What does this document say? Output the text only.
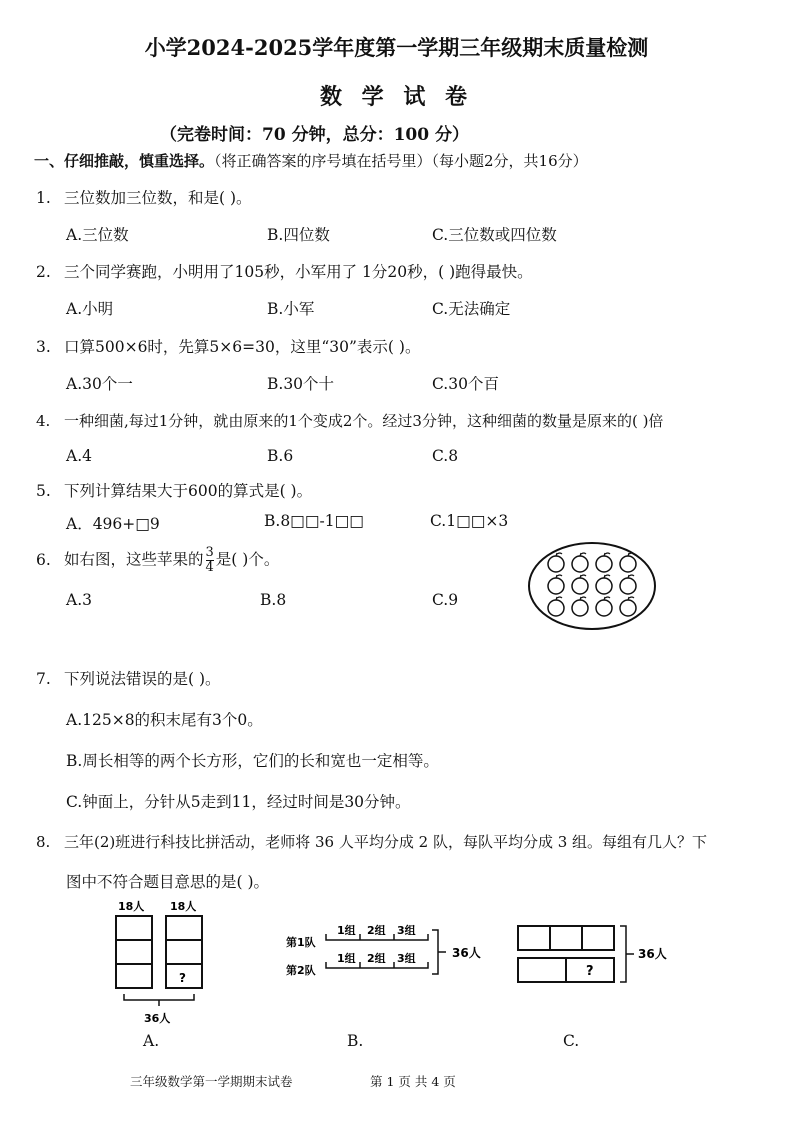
小学2024-2025学年度第一学期三年级期末质量检测
数 学 试 卷
（完卷时间：70 分钟，总分：100 分）
一、仔细推敲，慎重选择。（将正确答案的序号填在括号里）（每小题2分，共16分）
1. 三位数加三位数，和是( )。
A.三位数	B.四位数	C.三位数或四位数
2. 三个同学赛跑，小明用了105秒，小军用了 1分20秒，( )跑得最快。
A.小明	B.小军	C.无法确定
3. 口算500×6时，先算5×6=30，这里“30”表示( )。
A.30个一	B.30个十	C.30个百
4. 一种细菌,每过1分钟，就由原来的1个变成2个。经过3分钟，这种细菌的数量是原来的( )倍
A.4	B.6	C.8
5. 下列计算结果大于600的算式是( )。
A．496+□9	B.8□□-1□□	C.1□□×3
6. 如右图，这些苹果的 $\frac{3}{4}$ 是( )个。
A.3	B.8	C.9
7. 下列说法错误的是( )。
A.125×8的积末尾有3个0。
B.周长相等的两个长方形，它们的长和宽也一定相等。
C.钟面上，分针从5走到11，经过时间是30分钟。
8. 三年(2)班进行科技比拼活动，老师将 36 人平均分成 2 队，每队平均分成 3 组。每组有几人？下
图中不符合题目意思的是( )。
18人 18人
?
36人
A.
第1队
第2队
1组 2组 3组
1组 2组 3组	36人
B.
?
36人
C.
三年级数学第一学期期末试卷	第 1 页 共 4 页
